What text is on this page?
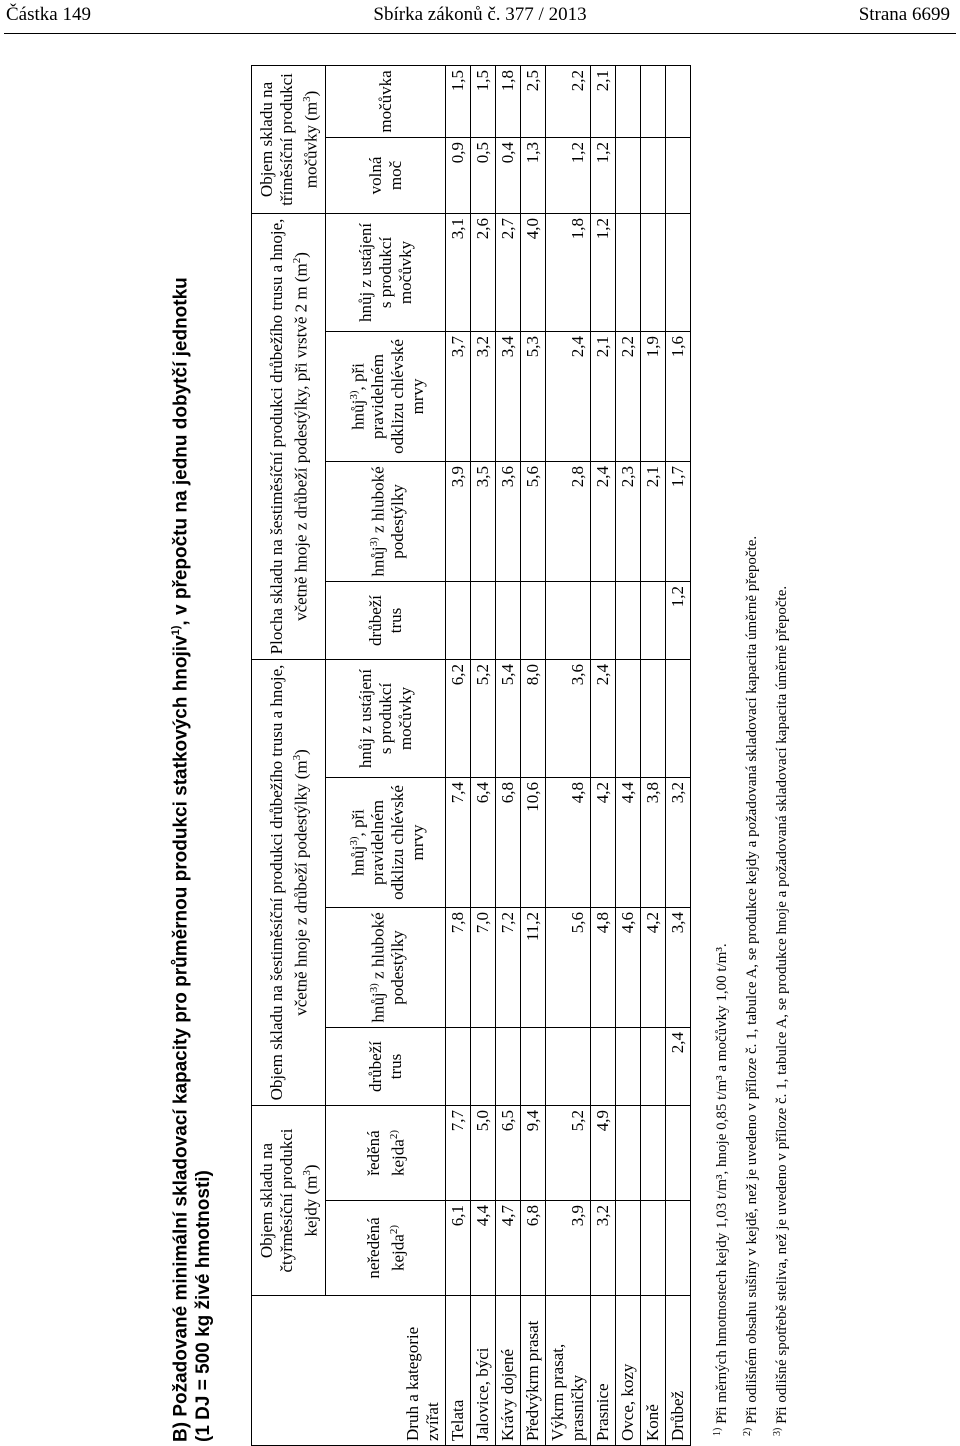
Sbírka zákonů č. 377 / 2013
Částka 149	Strana 6699

B) Požadované minimální skladovací kapacity pro průměrnou produkci statkových hnojiv$^{1)}$, v přepočtu na jednu dobytčí jednotku
(1 DJ = 500 kg živé hmotnosti)	Druh a kategorie zvířat	Objem skladu na čtyřměsíční produkci kejdy $(m^3)$		Objem skladu na šestiměsíční produkci drůbežího trusu a hnoje, včetně hnoje z drůbeží podestýlky $(m^3)$				Plocha skladu na šestiměsíční produkci drůbežího trusu a hnoje, včetně hnoje z drůbeží podestýlky, při vrstvě 2 m $(m^2)$				Objem skladu na tříměsíční produkci močůvky $(m^3)$	
	neředěná kejda$^{2)}$	ředěná kejda$^{2)}$	drůbeží trus	hnůj$^{3)}$ z hluboké podestýlky	hnůj$^{3)}$, při pravidelném odklizu chlévské mrvy	hnůj z ustájení s produkcí močůvky	drůbeží trus	hnůj$^{3)}$ z hluboké podestýlky	hnůj$^{3)}$, při pravidelném odklizu chlévské mrvy	hnůj z ustájení s produkcí močůvky	volná moč	močůvka
Telata	6,1	7,7		7,8	7,4	6,2		3,9	3,7	3,1	0,9	1,5
Jalovice, býci	4,4	5,0		7,0	6,4	5,2		3,5	3,2	2,6	0,5	1,5
Krávy dojené	4,7	6,5		7,2	6,8	5,4		3,6	3,4	2,7	0,4	1,8
Předvýkrm prasat	6,8	9,4		11,2	10,6	8,0		5,6	5,3	4,0	1,3	2,5
Výkrm prasat, prasničky	3,9	5,2		5,6	4,8	3,6		2,8	2,4	1,8	1,2	2,2
Prasnice	3,2	4,9		4,8	4,2	2,4		2,4	2,1	1,2	1,2	2,1
Ovce, kozy				4,6	4,4			2,3	2,2			
Koně				4,2	3,8			2,1	1,9			
Drůbež			2,4	3,4	3,2		1,2	1,7	1,6			
$^{1)}$ Při měrných hmotnostech kejdy 1,03 t/m³, hnoje 0,85 t/m³ a močůvky 1,00 t/m³.
$^{2)}$ Při odlišném obsahu sušiny v kejdě, než je uvedeno v příloze č. 1, tabulce A, se produkce kejdy a požadovaná skladovací kapacita úměrně přepočte.
$^{3)}$ Při odlišné spotřebě steliva, než je uvedeno v příloze č. 1, tabulce A, se produkce hnoje a požadovaná skladovací kapacita úměrně přepočte.
